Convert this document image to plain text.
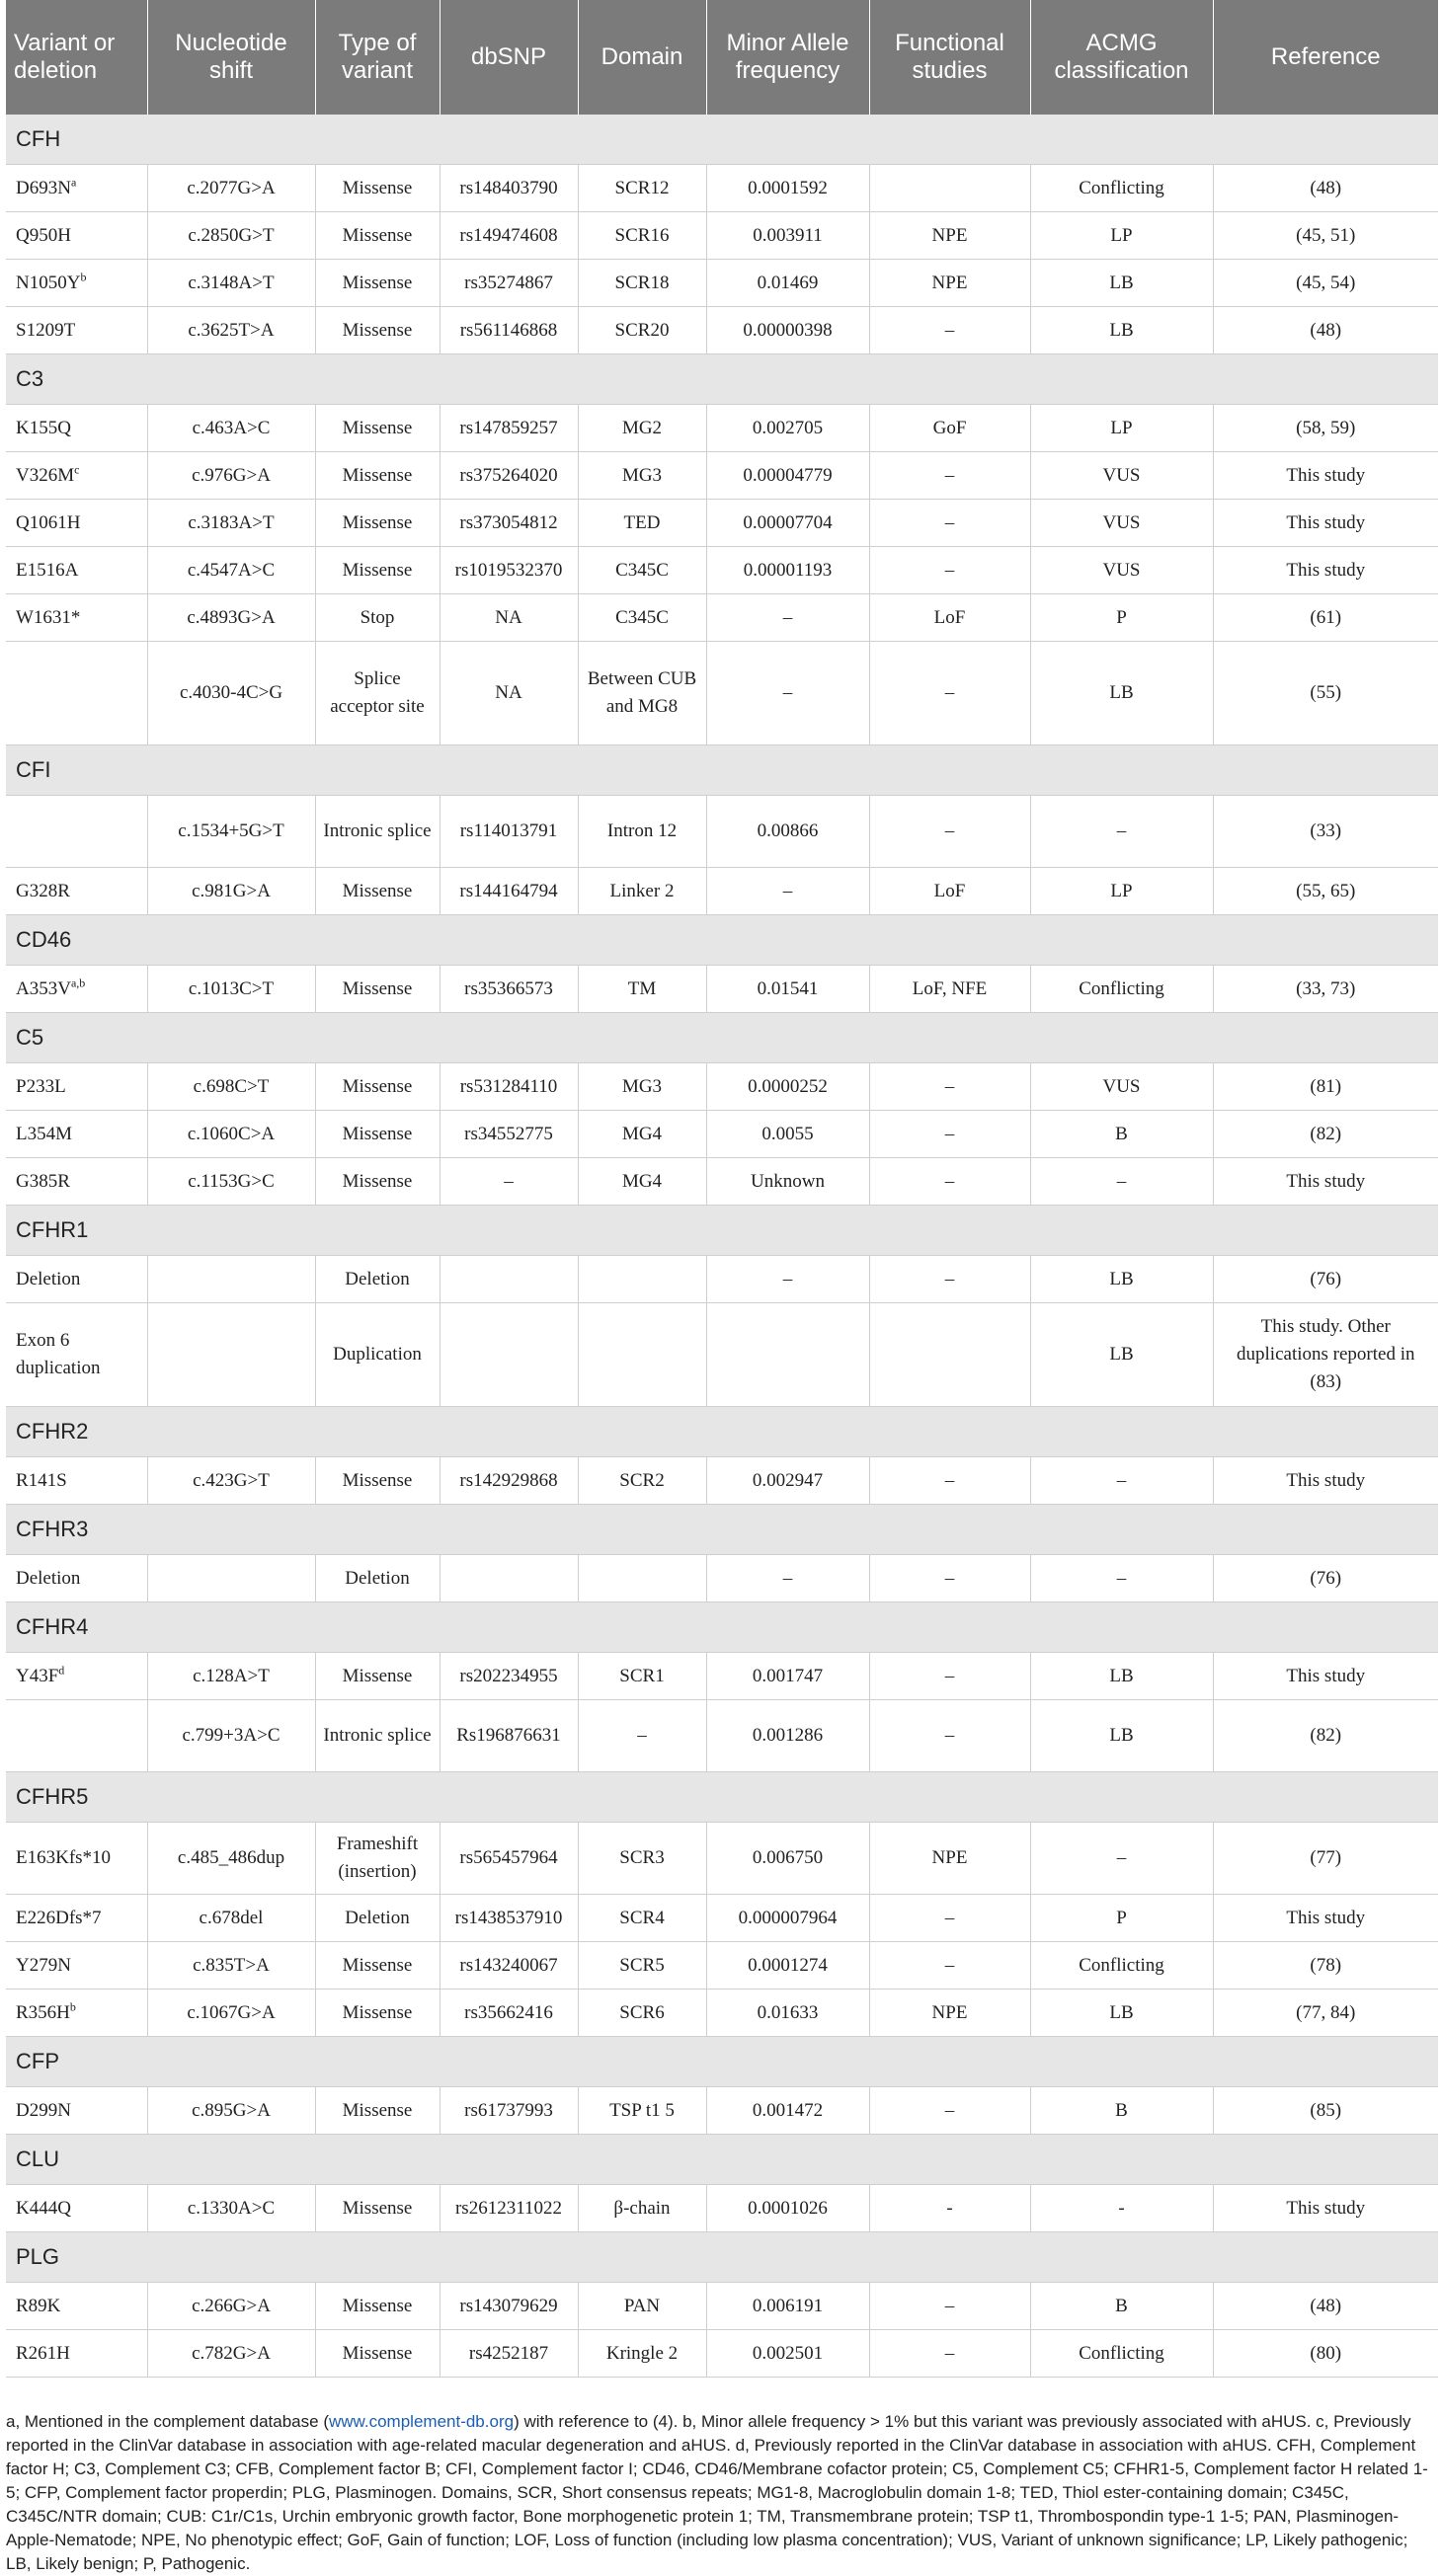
Variant or deletion	Nucleotide shift	Type of variant	dbSNP	Domain	Minor Allele frequency	Functional studies	ACMG classification	Reference
CFH								
$D693N^a$	c.2077G>A	Missense	rs148403790	SCR12	0.0001592		Conflicting	(48)
Q950H	c.2850G>T	Missense	rs149474608	SCR16	0.003911	NPE	LP	(45, 51)
$N1050Y^b$	c.3148A>T	Missense	rs35274867	SCR18	0.01469	NPE	LB	(45, 54)
S1209T	c.3625T>A	Missense	rs561146868	SCR20	0.00000398	–	LB	(48)
C3								
K155Q	c.463A>C	Missense	rs147859257	MG2	0.002705	GoF	LP	(58, 59)
$V326M^c$	c.976G>A	Missense	rs375264020	MG3	0.00004779	–	VUS	This study
Q1061H	c.3183A>T	Missense	rs373054812	TED	0.00007704	–	VUS	This study
E1516A	c.4547A>C	Missense	rs1019532370	C345C	0.00001193	–	VUS	This study
W1631*	c.4893G>A	Stop	NA	C345C	–	LoF	P	(61)
	c.4030-4C>G	Splice acceptor site	NA	Between CUB and MG8	–	–	LB	(55)
CFI								
	c.1534+5G>T	Intronic splice	rs114013791	Intron 12	0.00866	–	–	(33)
G328R	c.981G>A	Missense	rs144164794	Linker 2	–	LoF	LP	(55, 65)
CD46								
$A353V^{a,b}$	c.1013C>T	Missense	rs35366573	TM	0.01541	LoF, NFE	Conflicting	(33, 73)
C5								
P233L	c.698C>T	Missense	rs531284110	MG3	0.0000252	–	VUS	(81)
L354M	c.1060C>A	Missense	rs34552775	MG4	0.0055	–	B	(82)
G385R	c.1153G>C	Missense	–	MG4	Unknown	–	–	This study
CFHR1								
Deletion		Deletion			–	–	LB	(76)
Exon 6 duplication		Duplication					LB	This study. Other duplications reported in (83)
CFHR2								
R141S	c.423G>T	Missense	rs142929868	SCR2	0.002947	–	–	This study
CFHR3								
Deletion		Deletion			–	–	–	(76)
CFHR4								
$Y43F^d$	c.128A>T	Missense	rs202234955	SCR1	0.001747	–	LB	This study
	c.799+3A>C	Intronic splice	Rs196876631	–	0.001286	–	LB	(82)
CFHR5								
E163Kfs*10	c.485_486dup	Frameshift (insertion)	rs565457964	SCR3	0.006750	NPE	–	(77)
E226Dfs*7	c.678del	Deletion	rs1438537910	SCR4	0.000007964	–	P	This study
Y279N	c.835T>A	Missense	rs143240067	SCR5	0.0001274	–	Conflicting	(78)
$R356H^b$	c.1067G>A	Missense	rs35662416	SCR6	0.01633	NPE	LB	(77, 84)
CFP								
D299N	c.895G>A	Missense	rs61737993	TSP t1 5	0.001472	–	B	(85)
CLU								
K444Q	c.1330A>C	Missense	rs2612311022	β-chain	0.0001026	-	-	This study
PLG								
R89K	c.266G>A	Missense	rs143079629	PAN	0.006191	–	B	(48)
R261H	c.782G>A	Missense	rs4252187	Kringle 2	0.002501	–	Conflicting	(80)
a, Mentioned in the complement database (www.complement-db.org) with reference to (4). b, Minor allele frequency > 1% but this variant was previously associated with aHUS. c, Previously reported in the ClinVar database in association with age-related macular degeneration and aHUS. d, Previously reported in the ClinVar database in association with aHUS. CFH, Complement factor H; C3, Complement C3; CFB, Complement factor B; CFI, Complement factor I; CD46, CD46/Membrane cofactor protein; C5, Complement C5; CFHR1-5, Complement factor H related 1-5; CFP, Complement factor properdin; PLG, Plasminogen. Domains, SCR, Short consensus repeats; MG1-8, Macroglobulin domain 1-8; TED, Thiol ester-containing domain; C345C, C345C/NTR domain; CUB: C1r/C1s, Urchin embryonic growth factor, Bone morphogenetic protein 1; TM, Transmembrane protein; TSP t1, Thrombospondin type-1 1-5; PAN, Plasminogen-Apple-Nematode; NPE, No phenotypic effect; GoF, Gain of function; LOF, Loss of function (including low plasma concentration); VUS, Variant of unknown significance; LP, Likely pathogenic; LB, Likely benign; P, Pathogenic.
